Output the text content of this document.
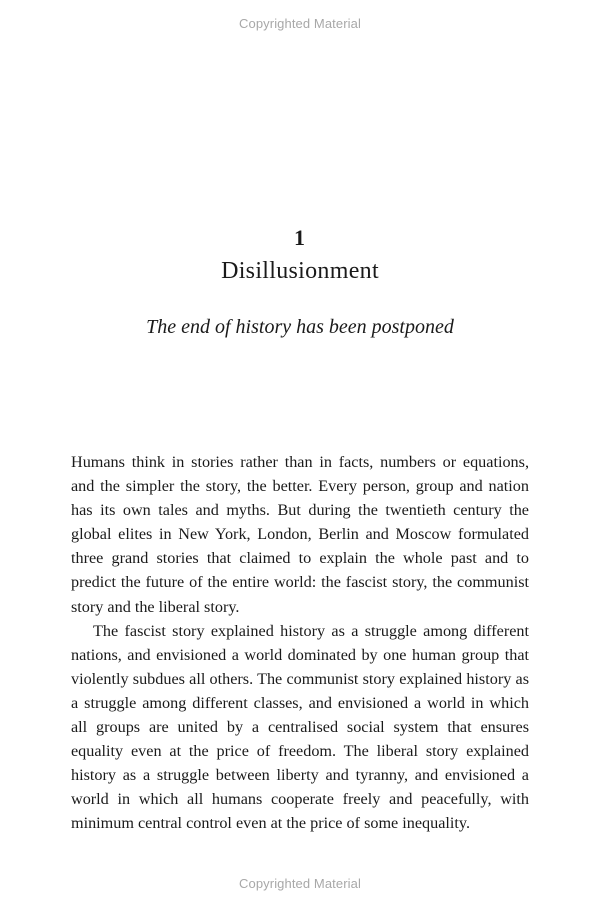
Copyrighted Material
1
Disillusionment
The end of history has been postponed

Humans think in stories rather than in facts, numbers or equations, and the simpler the story, the better. Every person, group and nation has its own tales and myths. But during the twentieth century the global elites in New York, London, Berlin and Moscow formulated three grand stories that claimed to explain the whole past and to predict the future of the entire world: the fascist story, the communist story and the liberal story.

The fascist story explained history as a struggle among different nations, and envisioned a world dominated by one human group that violently subdues all others. The communist story explained history as a struggle among different classes, and envisioned a world in which all groups are united by a centralised social system that ensures equality even at the price of freedom. The liberal story explained history as a struggle between liberty and tyranny, and envisioned a world in which all humans cooperate freely and peacefully, with minimum central control even at the price of some inequality.

Copyrighted Material
